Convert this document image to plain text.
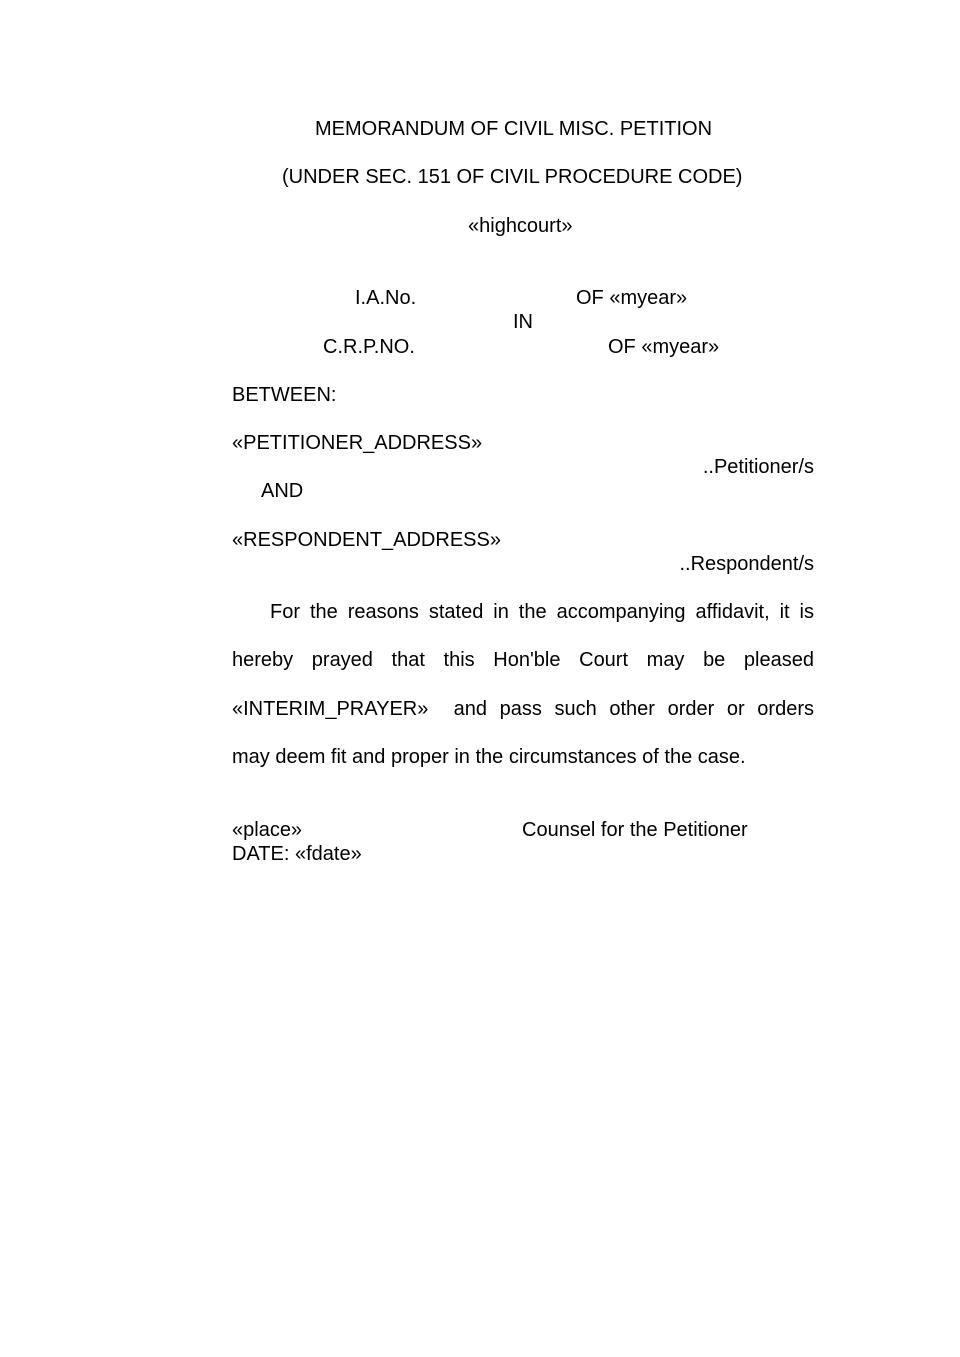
MEMORANDUM OF CIVIL MISC. PETITION
(UNDER SEC. 151 OF CIVIL PROCEDURE CODE)
«highcourt»
I.A.No.	OF «myear»
IN
C.R.P.NO.	OF «myear»
BETWEEN:
«PETITIONER_ADDRESS»
..Petitioner/s
AND
«RESPONDENT_ADDRESS»
..Respondent/s
For the reasons stated in the accompanying affidavit, it is
hereby prayed that this Hon'ble Court may be pleased
«INTERIM_PRAYER»  and pass such other order or orders
may deem fit and proper in the circumstances of the case.
«place»	Counsel for the Petitioner
DATE: «fdate»
